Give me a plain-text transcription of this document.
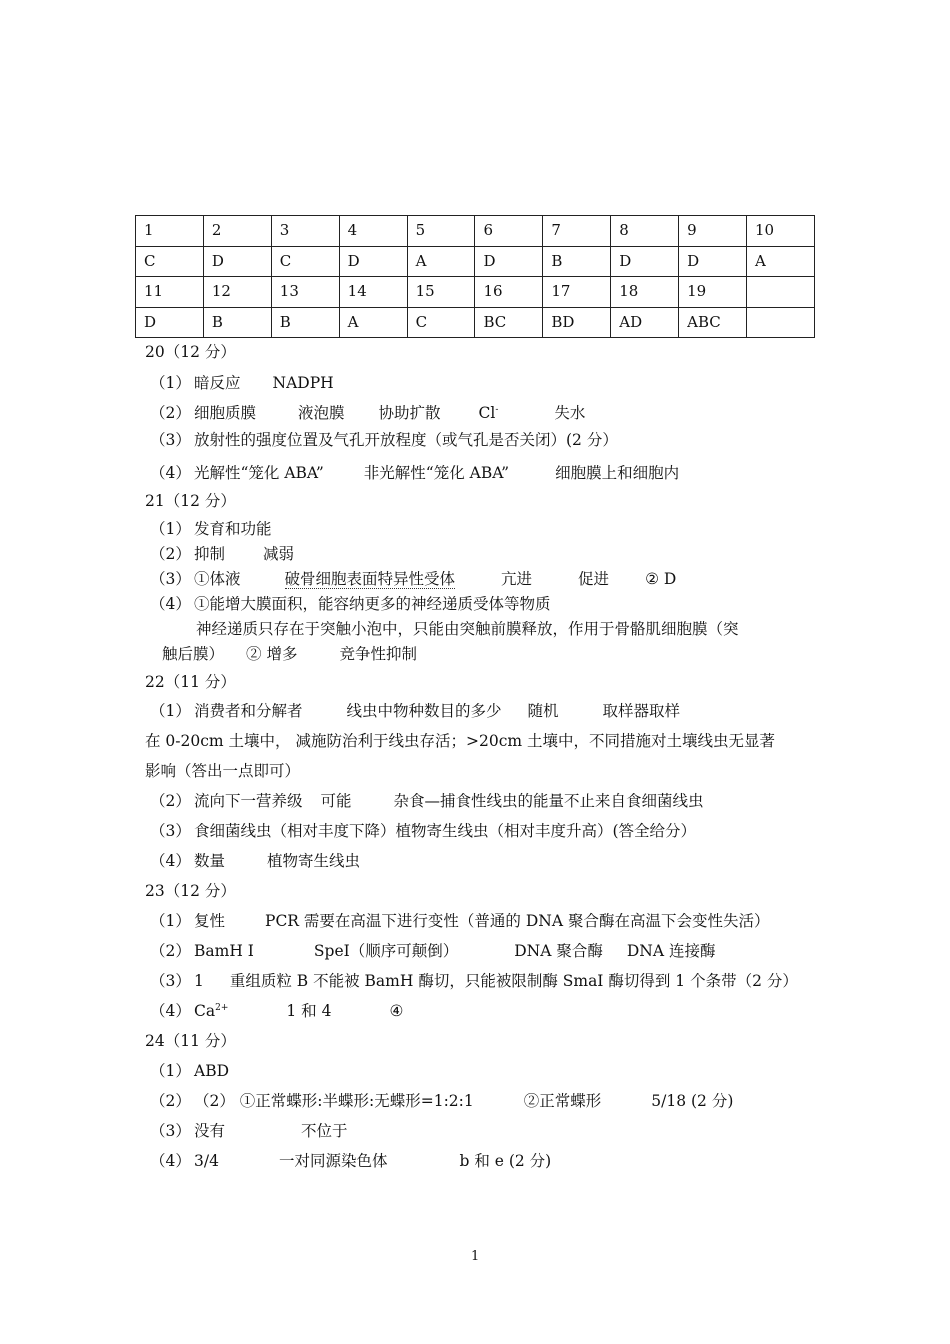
1	2	3	4	5	6	7	8	9	10
C	D	C	D	A	D	B	D	D	A
11	12	13	14	15	16	17	18	19	
D	B	B	A	C	BC	BD	AD	ABC	
20（12 分）
（1） 暗反应 NADPH
（2） 细胞质膜	液泡膜 协助扩散 Cl-	失水
（3） 放射性的强度位置及气孔开放程度（或气孔是否关闭）(2 分）
（4） 光解性“笼化 ABA”	非光解性“笼化 ABA”	细胞膜上和细胞内
21（12 分）
（1） 发育和功能
（2） 抑制 减弱
（3） ①体液	破骨细胞表面特异性受体	亢进	促进 ② D
（4） ①能增大膜面积，能容纳更多的神经递质受体等物质
神经递质只存在于突触小泡中，只能由突触前膜释放，作用于骨骼肌细胞膜（突
触后膜） ② 增多	竞争性抑制
22（11 分）
（1） 消费者和分解者	线虫中物种数目的多少 随机	取样器取样
在 0-20cm 土壤中， 减施防治利于线虫存活；>20cm 土壤中，不同措施对土壤线虫无显著
影响（答出一点即可）
（2） 流向下一营养级 可能	杂食—捕食性线虫的能量不止来自食细菌线虫
（3） 食细菌线虫（相对丰度下降）植物寄生线虫（相对丰度升高）(答全给分）
（4） 数量	植物寄生线虫
23（12 分）
（1） 复性	PCR 需要在高温下进行变性（普通的 DNA 聚合酶在高温下会变性失活）
（2） BamH I	SpeI（顺序可颠倒）	DNA 聚合酶 DNA 连接酶
（3） 1 重组质粒 B 不能被 BamH 酶切，只能被限制酶 SmaI 酶切得到 1 个条带（2 分）
（4） $Ca^{2+}$	1 和 4	④
24（11 分）
（1） ABD
（2） （2） ①正常蝶形:半蝶形:无蝶形=1:2:1	②正常蝶形	5/18 (2 分)
（3） 没有	不位于
（4） 3/4	一对同源染色体	b 和 e (2 分)
1
